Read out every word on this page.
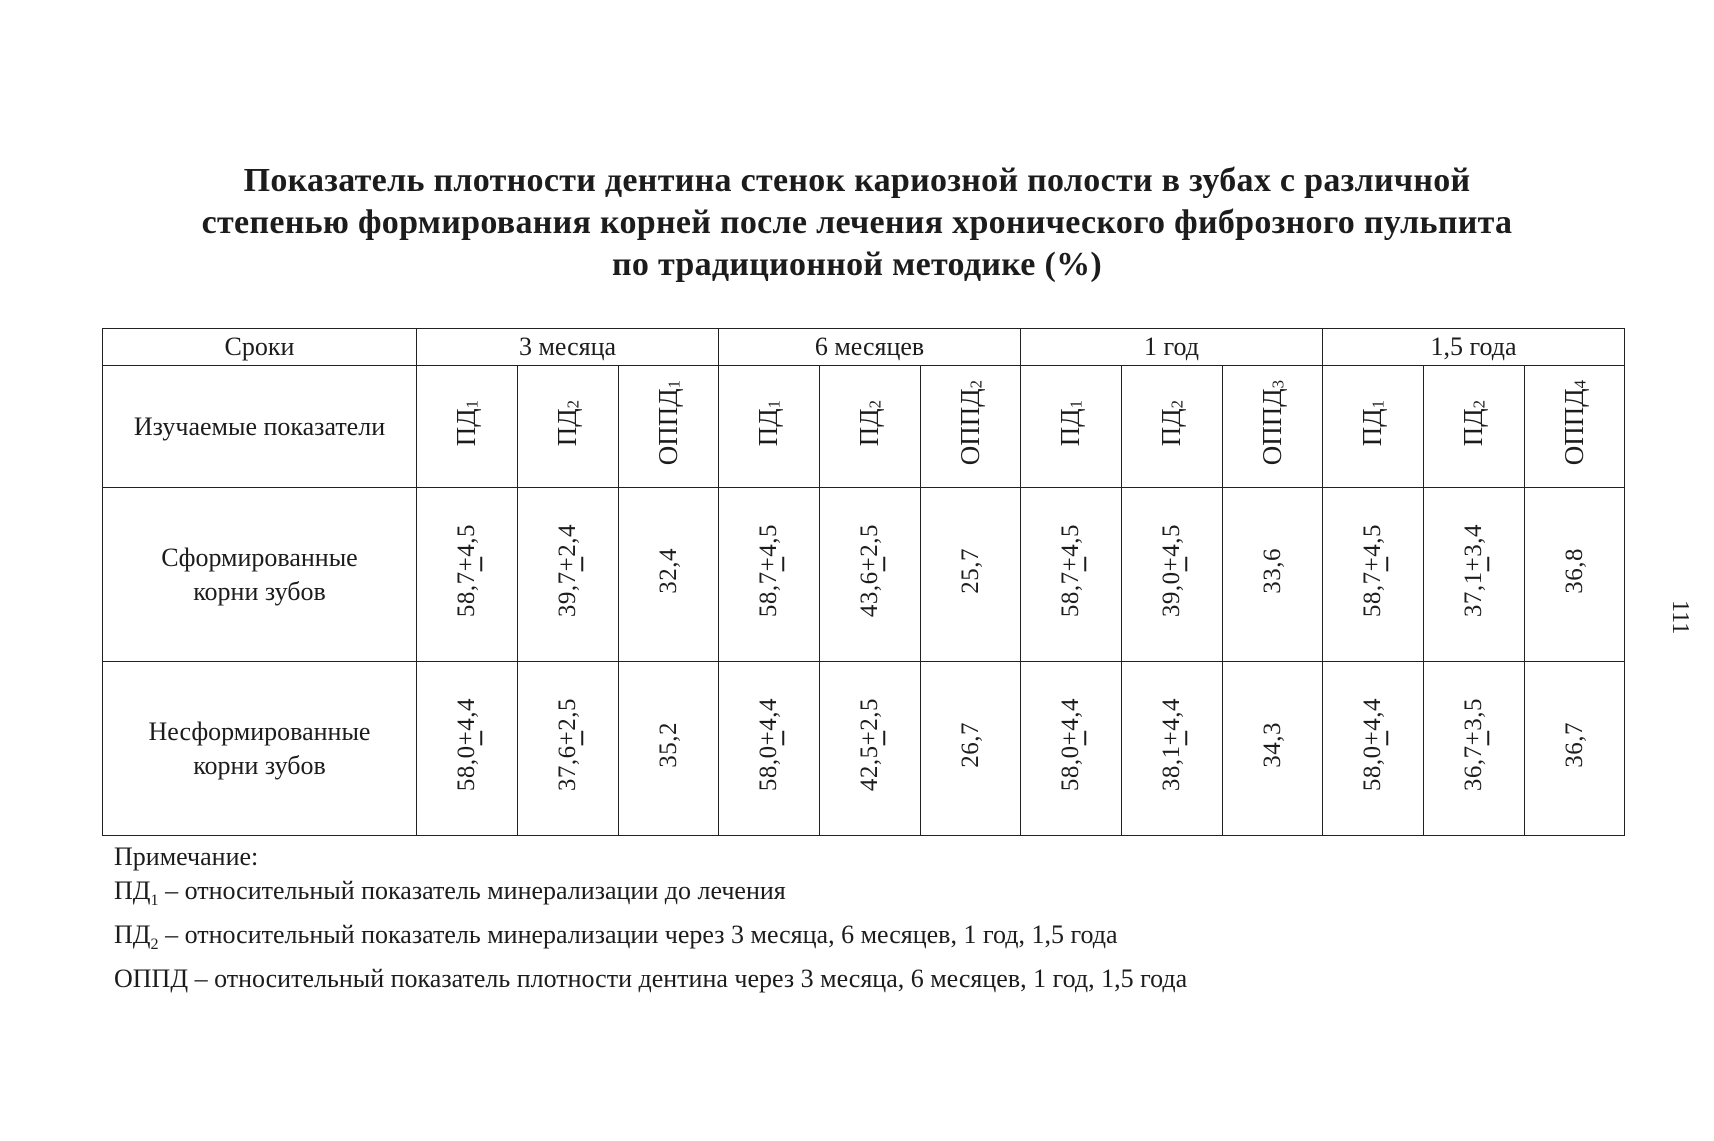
Показатель плотности дентина стенок кариозной полости в зубах с различной
степенью формирования корней после лечения хронического фиброзного пульпита
по традиционной методике (%)
Сроки	3 месяца			6 месяцев			1 год			1,5 года		
Изучаемые показатели	$ПД_1$	$ПД_2$	$ОППД_1$	$ПД_1$	$ПД_2$	$ОППД_2$	$ПД_1$	$ПД_2$	$ОППД_3$	$ПД_1$	$ПД_2$	$ОППД_4$

Сформированные
корни зубов	58,7+4,5	39,7+2,4	32,4	58,7+4,5	43,6+2,5	25,7	58,7+4,5	39,0+4,5	33,6	58,7+4,5	37,1+3,4	36,8

Несформированные
корни зубов	58,0+4,4	37,6+2,5	35,2	58,0+4,4	42,5+2,5	26,7	58,0+4,4	38,1+4,4	34,3	58,0+4,4	36,7+3,5	36,7
Примечание:
$ПД_1$ – относительный показатель минерализации до лечения
$ПД_2$ – относительный показатель минерализации через 3 месяца, 6 месяцев, 1 год, 1,5 года
ОППД – относительный показатель плотности дентина через 3 месяца, 6 месяцев, 1 год, 1,5 года
111
